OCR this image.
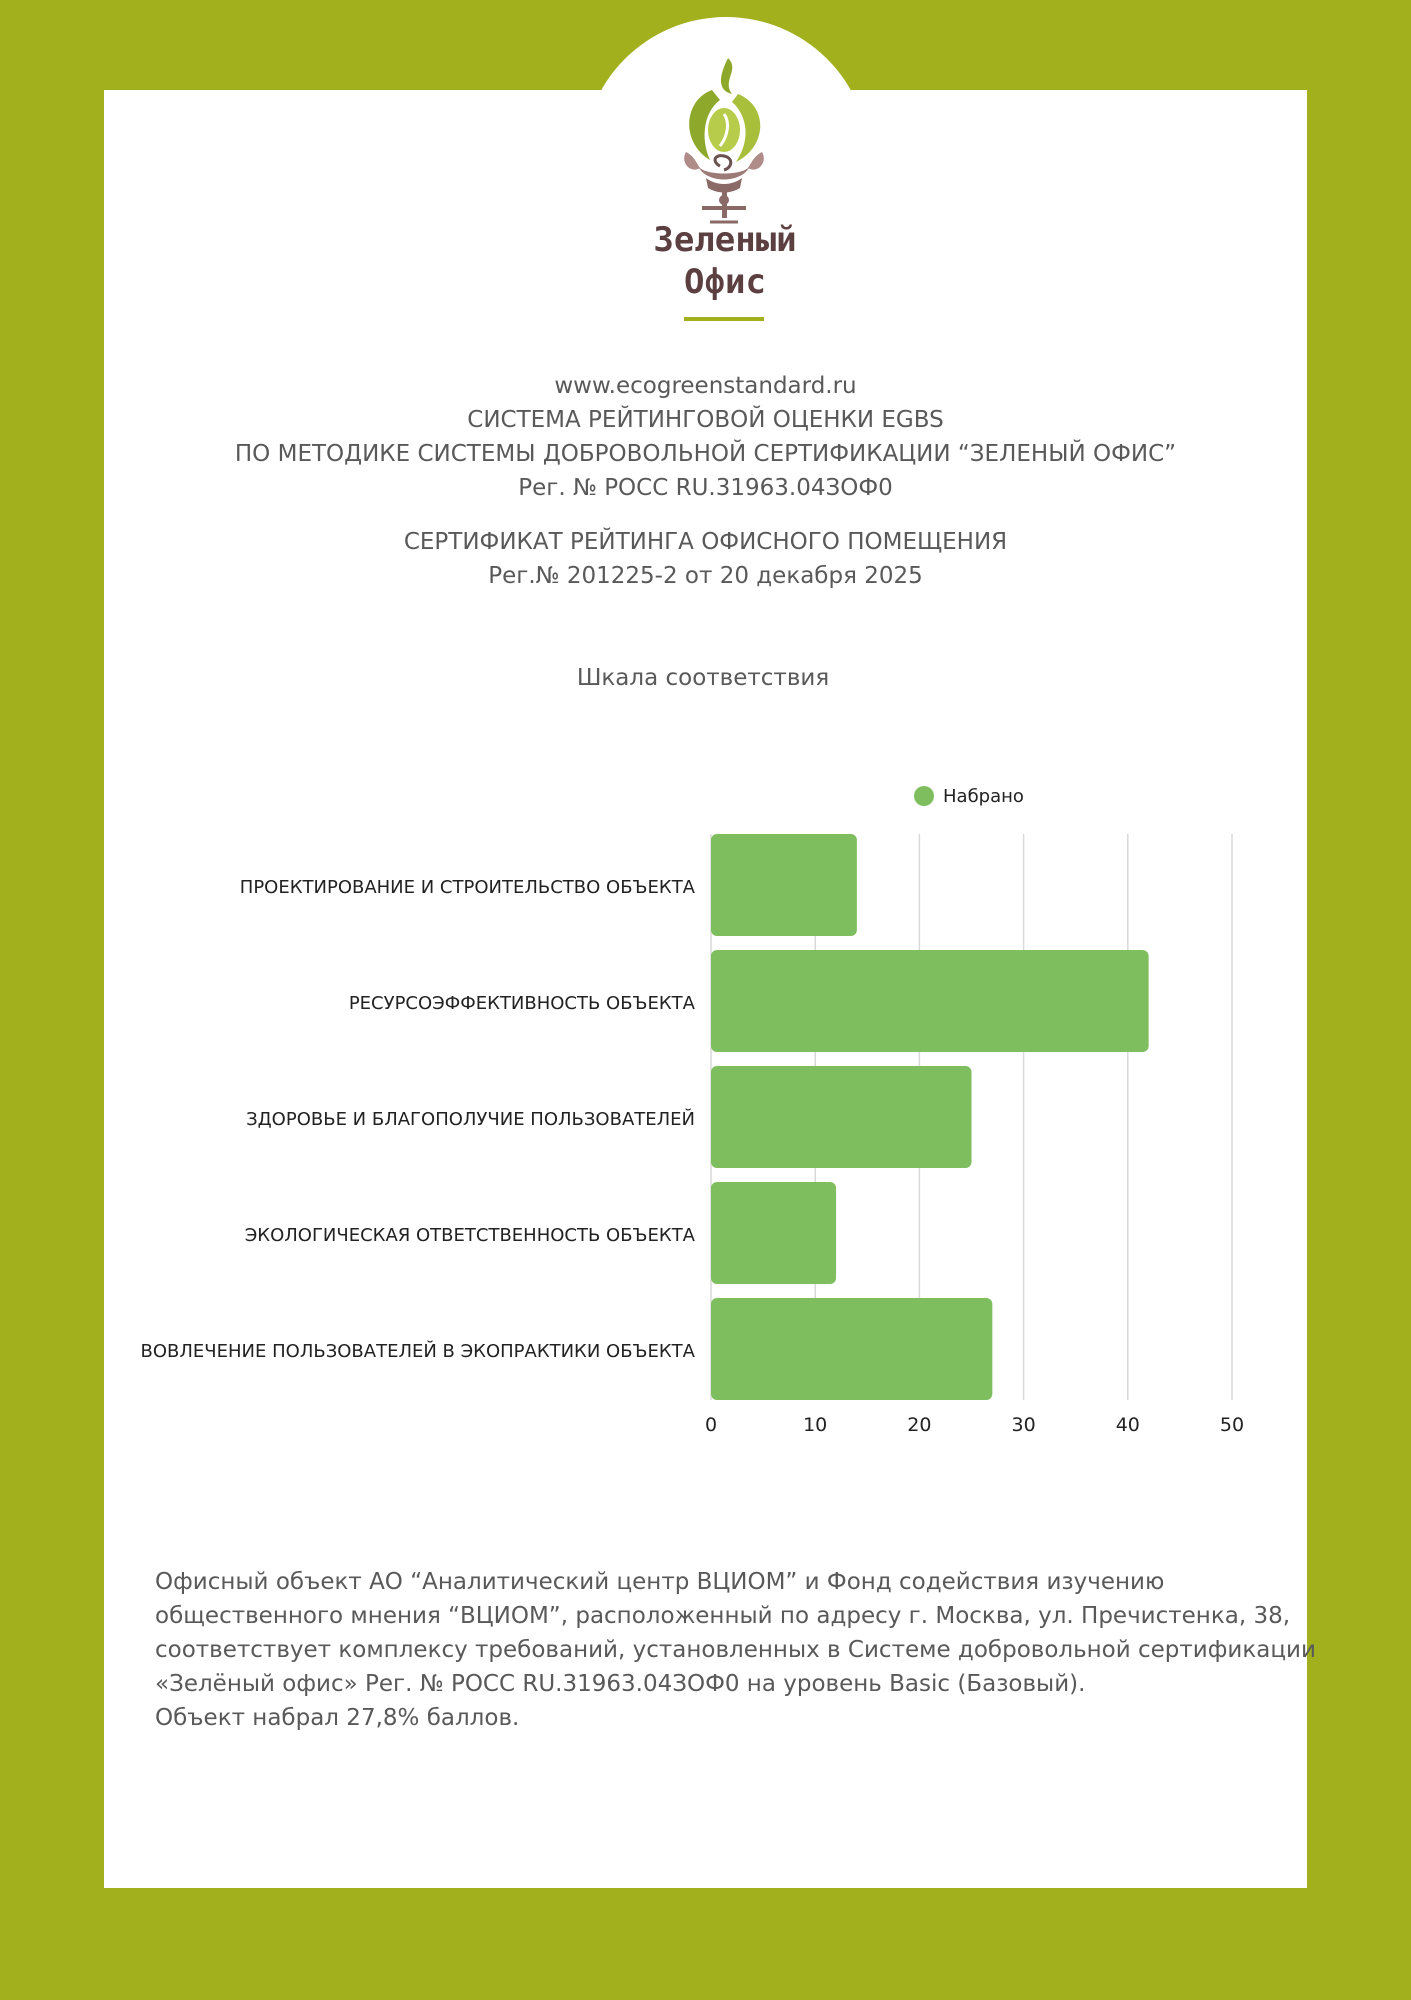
Зеленый
Офис
www.ecogreenstandard.ru
СИСТЕМА РЕЙТИНГОВОЙ ОЦЕНКИ EGBS
ПО МЕТОДИКЕ СИСТЕМЫ ДОБРОВОЛЬНОЙ СЕРТИФИКАЦИИ “ЗЕЛЕНЫЙ ОФИС”
Рег. № РОСС RU.31963.04ЗОФ0
СЕРТИФИКАТ РЕЙТИНГА ОФИСНОГО ПОМЕЩЕНИЯ
Рег.№ 201225-2 от 20 декабря 2025
Шкала соответствия
ПРОЕКТИРОВАНИЕ И СТРОИТЕЛЬСТВО ОБЪЕКТА
РЕСУРСОЭФФЕКТИВНОСТЬ ОБЪЕКТА
ЗДОРОВЬЕ И БЛАГОПОЛУЧИЕ ПОЛЬЗОВАТЕЛЕЙ
ЭКОЛОГИЧЕСКАЯ ОТВЕТСТВЕННОСТЬ ОБЪЕКТА
ВОВЛЕЧЕНИЕ ПОЛЬЗОВАТЕЛЕЙ В ЭКОПРАКТИКИ ОБЪЕКТА
0	10	20	30	40	50
Набрано
Офисный объект АО “Аналитический центр ВЦИОМ” и Фонд содействия изучению
общественного мнения “ВЦИОМ”, расположенный по адресу г. Москва, ул. Пречистенка, 38,
соответствует комплексу требований, установленных в Системе добровольной сертификации
«Зелёный офис» Рег. № РОСС RU.31963.04ЗОФ0 на уровень Basic (Базовый).
Объект набрал 27,8% баллов.
